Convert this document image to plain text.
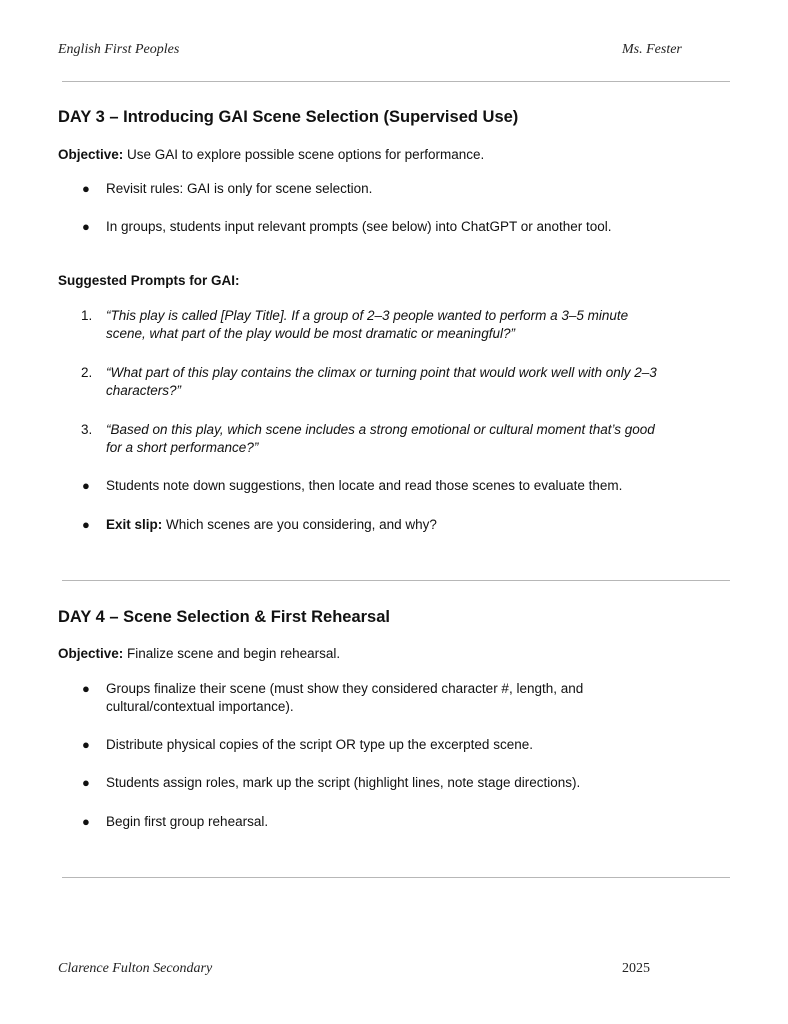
English First Peoples	Ms. Fester
DAY 3 – Introducing GAI Scene Selection (Supervised Use)
Objective: Use GAI to explore possible scene options for performance.
● Revisit rules: GAI is only for scene selection.
● In groups, students input relevant prompts (see below) into ChatGPT or another tool.
Suggested Prompts for GAI:
1. “This play is called [Play Title]. If a group of 2–3 people wanted to perform a 3–5 minute
scene, what part of the play would be most dramatic or meaningful?”
2. “What part of this play contains the climax or turning point that would work well with only 2–3
characters?”
3. “Based on this play, which scene includes a strong emotional or cultural moment that’s good
for a short performance?”
● Students note down suggestions, then locate and read those scenes to evaluate them.
● Exit slip: Which scenes are you considering, and why?
DAY 4 – Scene Selection & First Rehearsal
Objective: Finalize scene and begin rehearsal.
● Groups finalize their scene (must show they considered character #, length, and
cultural/contextual importance).
● Distribute physical copies of the script OR type up the excerpted scene.
● Students assign roles, mark up the script (highlight lines, note stage directions).
● Begin first group rehearsal.
Clarence Fulton Secondary	2025
